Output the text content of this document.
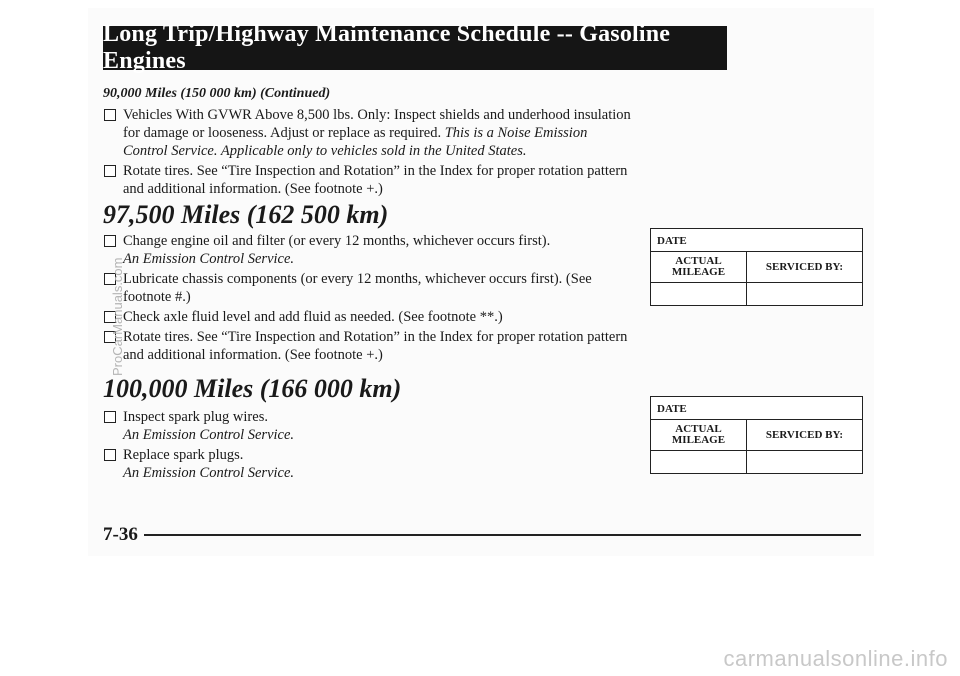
Long Trip/Highway Maintenance Schedule -- Gasoline Engines
90,000 Miles (150 000 km) (Continued)
Vehicles With GVWR Above 8,500 lbs. Only: Inspect shields and underhood insulation for damage or looseness. Adjust or replace as required. This is a Noise Emission Control Service. Applicable only to vehicles sold in the United States.
Rotate tires. See “Tire Inspection and Rotation” in the Index for proper rotation pattern and additional information. (See footnote +.)
97,500 Miles (162 500 km)
Change engine oil and filter (or every 12 months, whichever occurs first).
An Emission Control Service.
Lubricate chassis components (or every 12 months, whichever occurs first). (See footnote #.)
Check axle fluid level and add fluid as needed. (See footnote **.)
Rotate tires. See “Tire Inspection and Rotation” in the Index for proper rotation pattern and additional information. (See footnote +.)
100,000 Miles (166 000 km)
Inspect spark plug wires.
An Emission Control Service.
Replace spark plugs.
An Emission Control Service.
DATE
ACTUAL MILEAGE	SERVICED BY:
DATE
ACTUAL MILEAGE	SERVICED BY:
7-36
ProCarManuals.com
carmanualsonline.info
